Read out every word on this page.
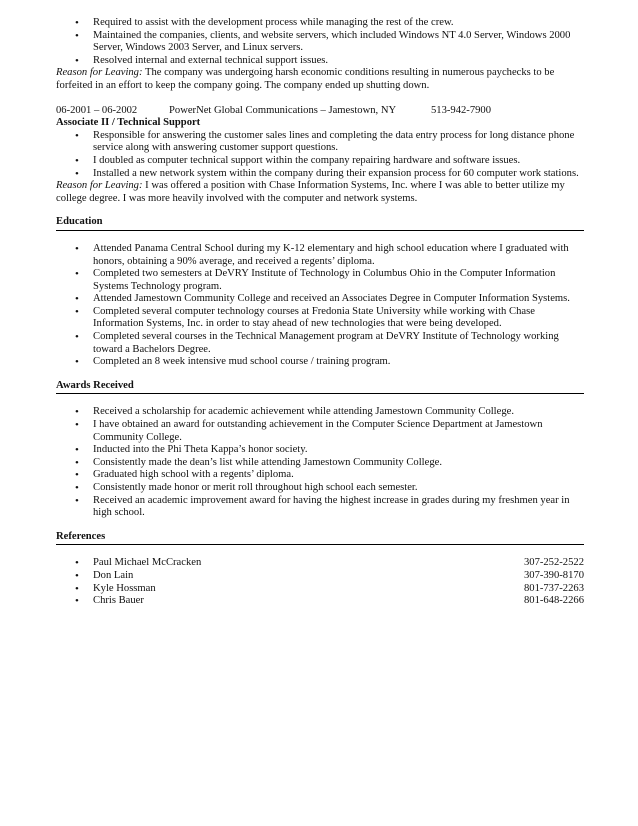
• Required to assist with the development process while managing the rest of the crew.
• Maintained the companies, clients, and website servers, which included Windows NT 4.0 Server, Windows 2000 Server, Windows 2003 Server, and Linux servers.
• Resolved internal and external technical support issues.
Reason for Leaving: The company was undergoing harsh economic conditions resulting in numerous paychecks to be forfeited in an effort to keep the company going. The company ended up shutting down.
06-2001 – 06-2002	PowerNet Global Communications – Jamestown, NY	513-942-7900
Associate II / Technical Support
• Responsible for answering the customer sales lines and completing the data entry process for long distance phone service along with answering customer support questions.
• I doubled as computer technical support within the company repairing hardware and software issues.
• Installed a new network system within the company during their expansion process for 60 computer work stations.
Reason for Leaving: I was offered a position with Chase Information Systems, Inc. where I was able to better utilize my college degree. I was more heavily involved with the computer and network systems.
Education
• Attended Panama Central School during my K-12 elementary and high school education where I graduated with honors, obtaining a 90% average, and received a regents’ diploma.
• Completed two semesters at DeVRY Institute of Technology in Columbus Ohio in the Computer Information Systems Technology program.
• Attended Jamestown Community College and received an Associates Degree in Computer Information Systems.
• Completed several computer technology courses at Fredonia State University while working with Chase Information Systems, Inc. in order to stay ahead of new technologies that were being developed.
• Completed several courses in the Technical Management program at DeVRY Institute of Technology working toward a Bachelors Degree.
• Completed an 8 week intensive mud school course / training program.
Awards Received
• Received a scholarship for academic achievement while attending Jamestown Community College.
• I have obtained an award for outstanding achievement in the Computer Science Department at Jamestown Community College.
• Inducted into the Phi Theta Kappa’s honor society.
• Consistently made the dean’s list while attending Jamestown Community College.
• Graduated high school with a regents’ diploma.
• Consistently made honor or merit roll throughout high school each semester.
• Received an academic improvement award for having the highest increase in grades during my freshmen year in high school.
References
• Paul Michael McCracken	307-252-2522
• Don Lain	307-390-8170
• Kyle Hossman	801-737-2263
• Chris Bauer	801-648-2266
